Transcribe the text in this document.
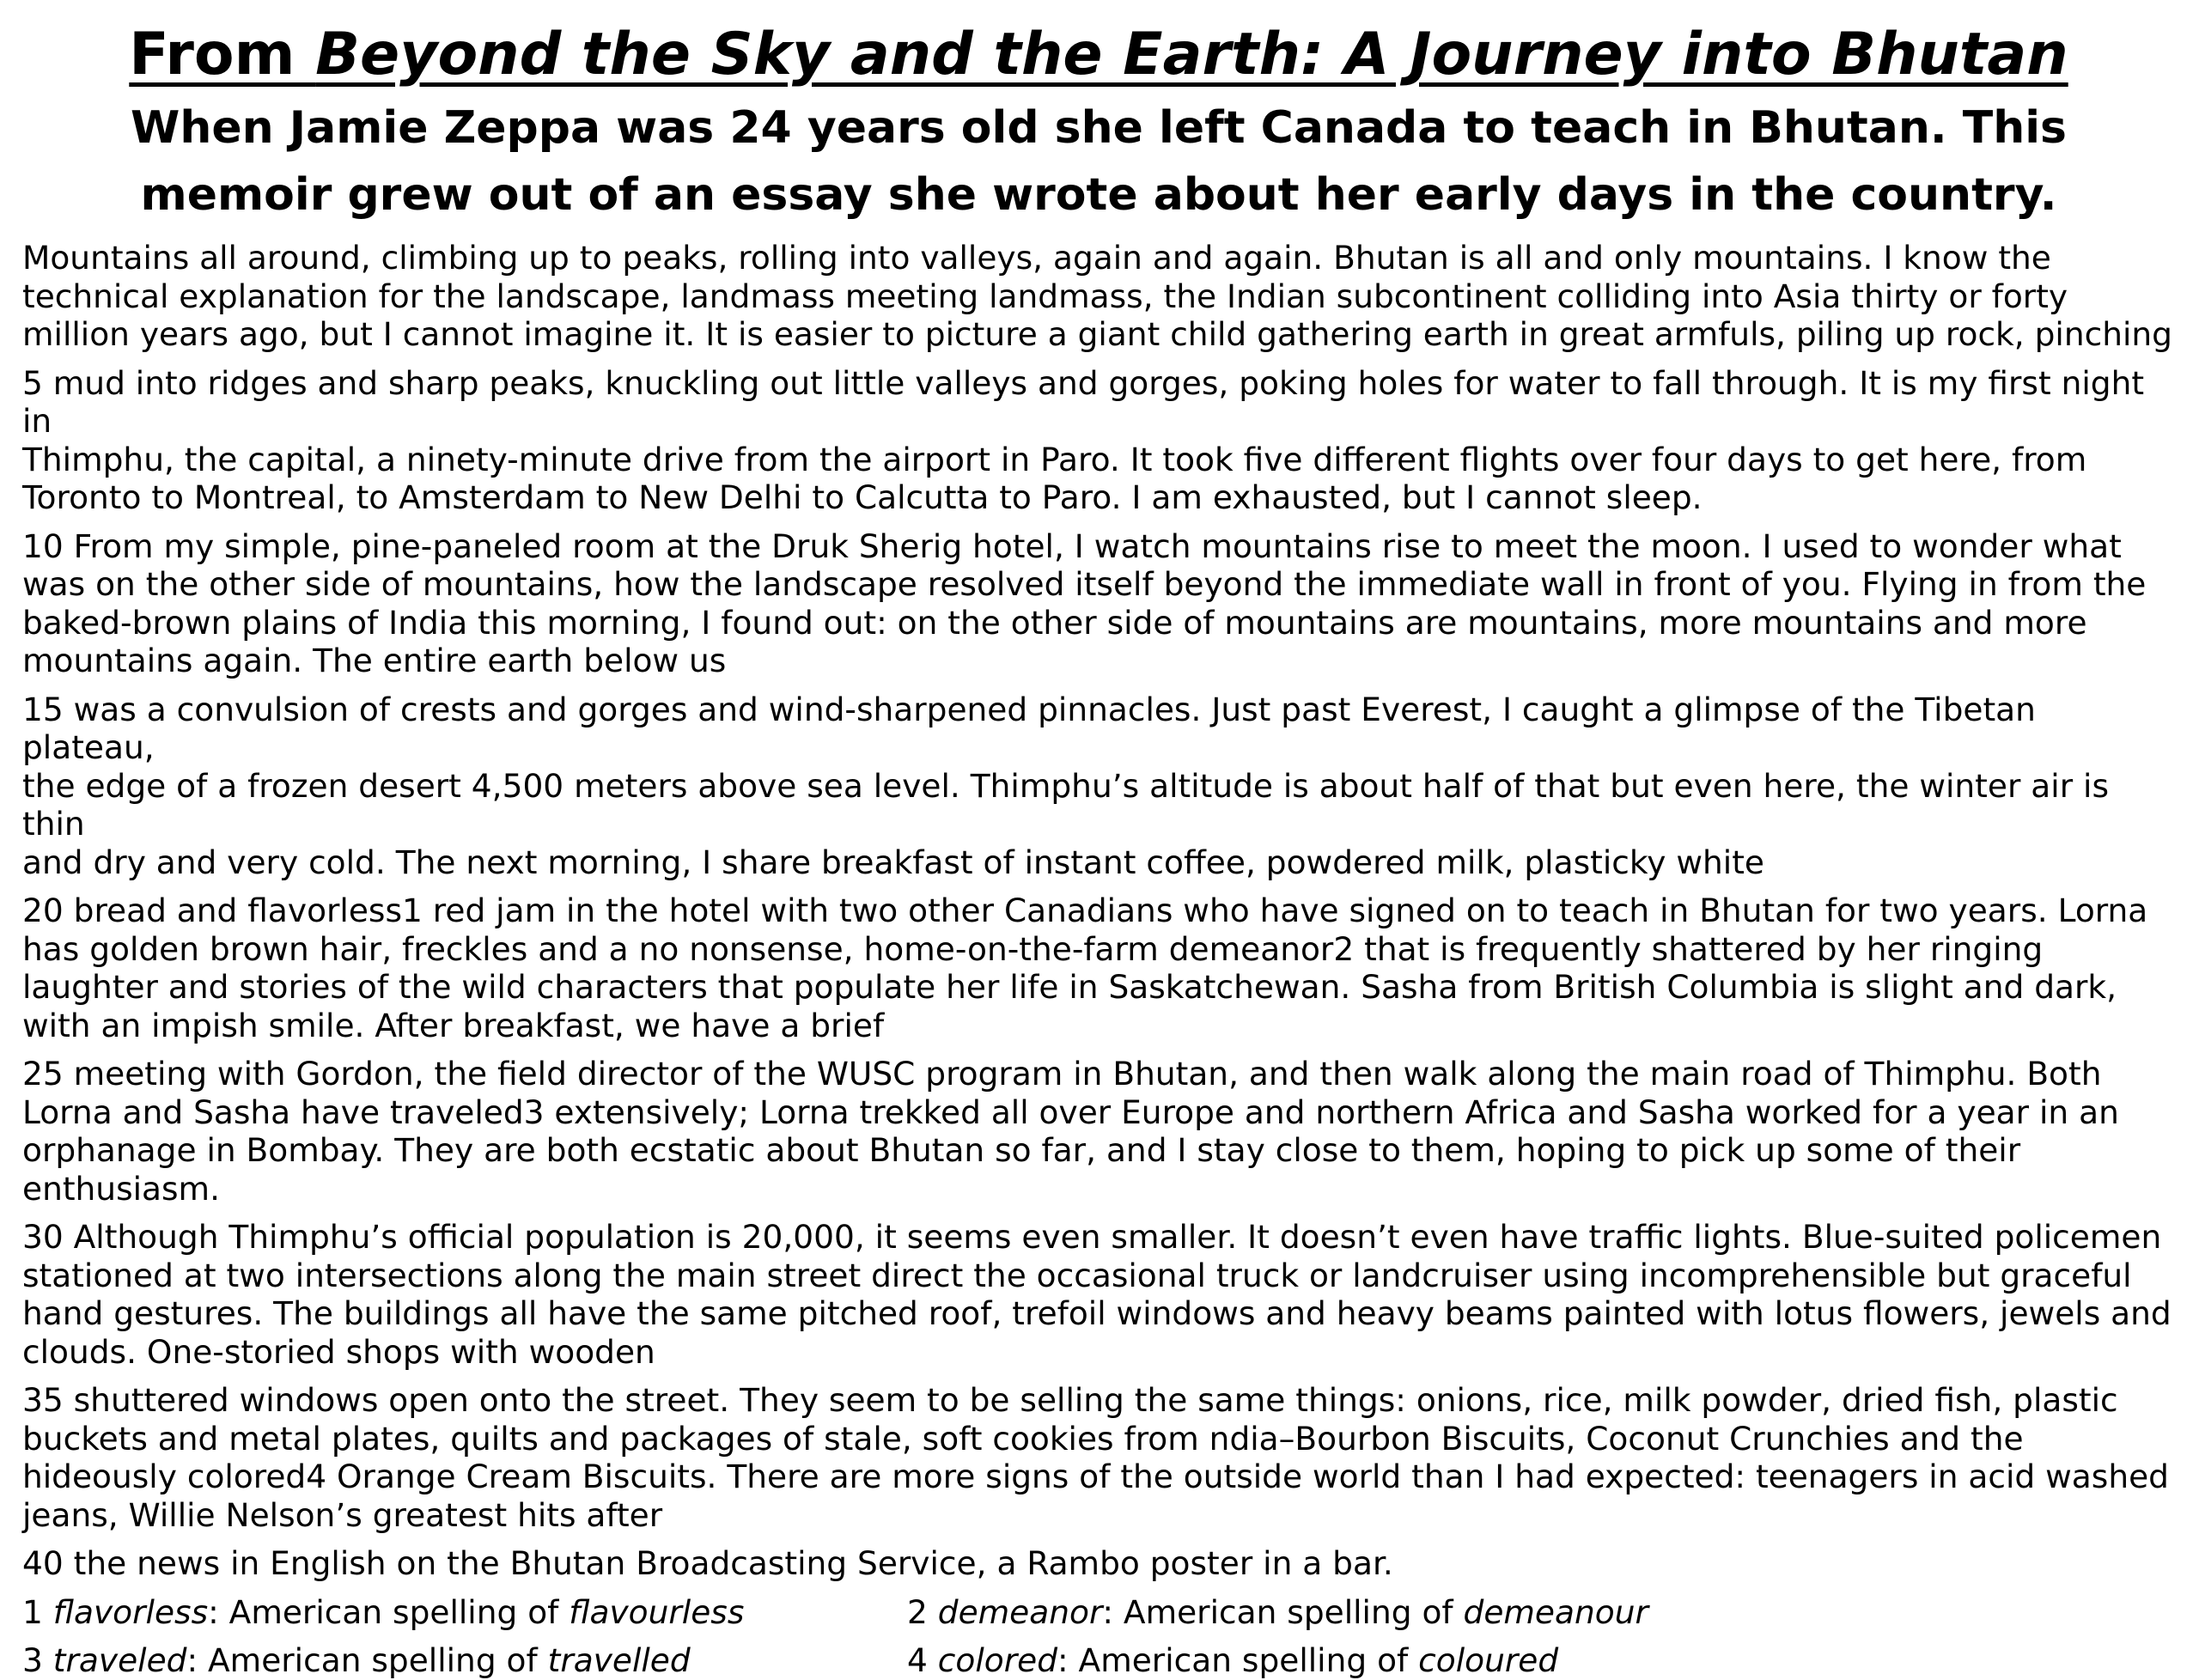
From Beyond the Sky and the Earth: A Journey into Bhutan
When Jamie Zeppa was 24 years old she left Canada to teach in Bhutan. This memoir grew out of an essay she wrote about her early days in the country.

Mountains all around, climbing up to peaks, rolling into valleys, again and again. Bhutan is all and only mountains. I know the
technical explanation for the landscape, landmass meeting landmass, the Indian subcontinent colliding into Asia thirty or forty
million years ago, but I cannot imagine it. It is easier to picture a giant child gathering earth in great armfuls, piling up rock, pinching

5 mud into ridges and sharp peaks, knuckling out little valleys and gorges, poking holes for water to fall through. It is my first night in
Thimphu, the capital, a ninety-minute drive from the airport in Paro. It took five different flights over four days to get here, from
Toronto to Montreal, to Amsterdam to New Delhi to Calcutta to Paro. I am exhausted, but I cannot sleep.

10 From my simple, pine-paneled room at the Druk Sherig hotel, I watch mountains rise to meet the moon. I used to wonder what
was on the other side of mountains, how the landscape resolved itself beyond the immediate wall in front of you. Flying in from the
baked-brown plains of India this morning, I found out: on the other side of mountains are mountains, more mountains and more
mountains again. The entire earth below us

15 was a convulsion of crests and gorges and wind-sharpened pinnacles. Just past Everest, I caught a glimpse of the Tibetan plateau,
the edge of a frozen desert 4,500 meters above sea level. Thimphu’s altitude is about half of that but even here, the winter air is thin
and dry and very cold. The next morning, I share breakfast of instant coffee, powdered milk, plasticky white

20 bread and flavorless1 red jam in the hotel with two other Canadians who have signed on to teach in Bhutan for two years. Lorna
has golden brown hair, freckles and a no nonsense, home-on-the-farm demeanor2 that is frequently shattered by her ringing
laughter and stories of the wild characters that populate her life in Saskatchewan. Sasha from British Columbia is slight and dark,
with an impish smile. After breakfast, we have a brief

25 meeting with Gordon, the field director of the WUSC program in Bhutan, and then walk along the main road of Thimphu. Both
Lorna and Sasha have traveled3 extensively; Lorna trekked all over Europe and northern Africa and Sasha worked for a year in an
orphanage in Bombay. They are both ecstatic about Bhutan so far, and I stay close to them, hoping to pick up some of their
enthusiasm.

30 Although Thimphu’s official population is 20,000, it seems even smaller. It doesn’t even have traffic lights. Blue-suited policemen
stationed at two intersections along the main street direct the occasional truck or landcruiser using incomprehensible but graceful
hand gestures. The buildings all have the same pitched roof, trefoil windows and heavy beams painted with lotus flowers, jewels and
clouds. One-storied shops with wooden

35 shuttered windows open onto the street. They seem to be selling the same things: onions, rice, milk powder, dried fish, plastic
buckets and metal plates, quilts and packages of stale, soft cookies from ndia–Bourbon Biscuits, Coconut Crunchies and the
hideously colored4 Orange Cream Biscuits. There are more signs of the outside world than I had expected: teenagers in acid washed
jeans, Willie Nelson’s greatest hits after

40 the news in English on the Bhutan Broadcasting Service, a Rambo poster in a bar.

1 flavorless: American spelling of flavourless	2 demeanor: American spelling of demeanour
3 traveled: American spelling of travelled	4 colored: American spelling of coloured
